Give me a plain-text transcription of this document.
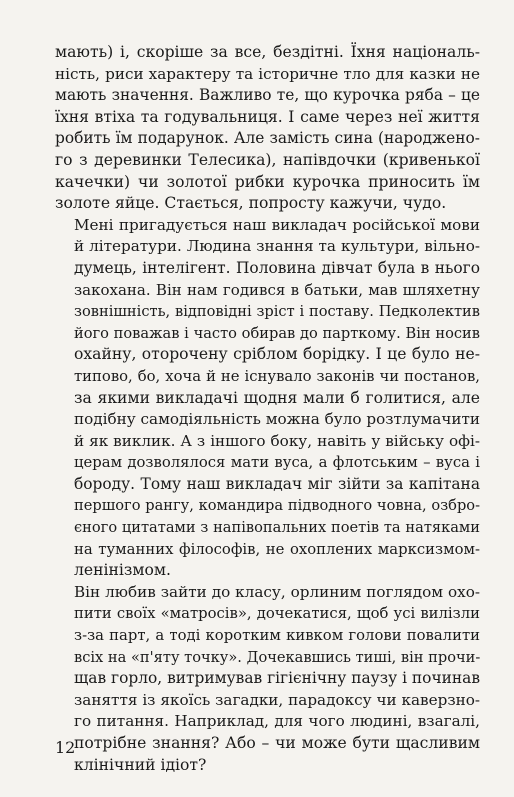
мають) і, скоріше за все, бездітні. Їхня національ-
ність, риси характеру та історичне тло для казки не
мають значення. Важливо те, що курочка ряба – це
їхня втіха та годувальниця. І саме через неї життя
робить їм подарунок. Але замість сина (народжено-
го з деревинки Телесика), напівдочки (кривенької
качечки) чи золотої рибки курочка приносить їм
золоте яйце. Стається, попросту кажучи, чудо.

Мені пригадується наш викладач російської мови
й літератури. Людина знання та культури, вільно-
думець, інтелігент. Половина дівчат була в нього
закохана. Він нам годився в батьки, мав шляхетну
зовнішність, відповідні зріст і поставу. Педколектив
його поважав і часто обирав до парткому. Він носив
охайну, оторочену сріблом борідку. І це було не-
типово, бо, хоча й не існувало законів чи постанов,
за якими викладачі щодня мали б голитися, але
подібну самодіяльність можна було розтлумачити
й як виклик. А з іншого боку, навіть у війську офі-
церам дозволялося мати вуса, а флотським – вуса і
бороду. Тому наш викладач міг зійти за капітана
першого рангу, командира підводного човна, озбро-
єного цитатами з напівопальних поетів та натяками
на туманних філософів, не охоплених марксизмом-
ленінізмом.

Він любив зайти до класу, орлиним поглядом охо-
пити своїх «матросів», дочекатися, щоб усі вилізли
з-за парт, а тоді коротким кивком голови повалити
всіх на «п'яту точку». Дочекавшись тиші, він прочи-
щав горло, витримував гігієнічну паузу і починав
заняття із якоїсь загадки, парадоксу чи каверзно-
го питання. Наприклад, для чого людині, взагалі,
потрібне знання? Або – чи може бути щасливим
клінічний ідіот?

12
